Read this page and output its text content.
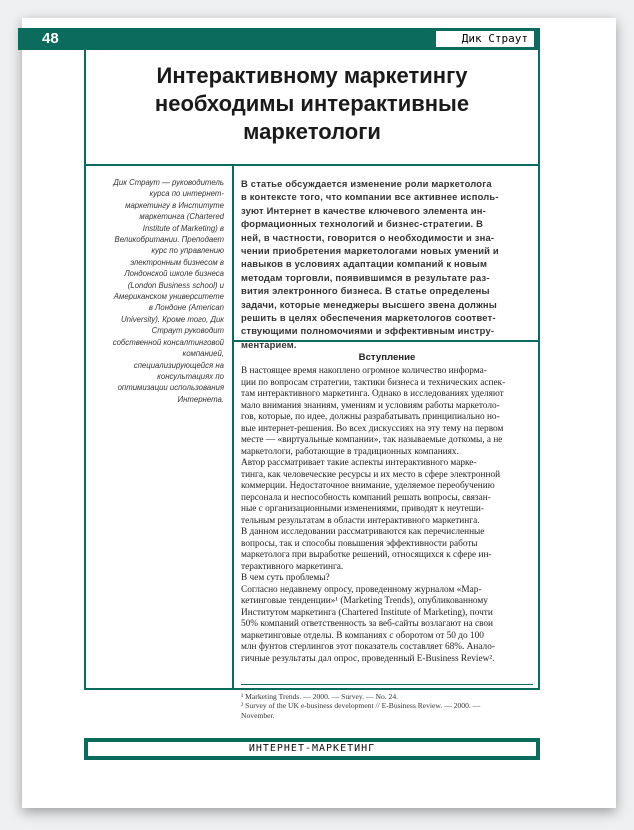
48	Дик Страут
Интерактивному маркетингу
необходимы интерактивные
маркетологи
Дик Страут — руководитель
курса по интернет-
маркетингу в Институте
маркетинга (Chartered
Institute of Marketing) в
Великобритании. Преподает
курс по управлению
электронным бизнесом в
Лондонской школе бизнеса
(London Business school) и
Американском университете
в Лондоне (American
University). Кроме того, Дик
Страут руководит
собственной консалтинговой
компанией,
специализирующейся на
консультациях по
оптимизации использования
Интернета.
В статье обсуждается изменение роли маркетолога
в контексте того, что компании все активнее исполь-
зуют Интернет в качестве ключевого элемента ин-
формационных технологий и бизнес-стратегии. В
ней, в частности, говорится о необходимости и зна-
чении приобретения маркетологами новых умений и
навыков в условиях адаптации компаний к новым
методам торговли, появившимся в результате раз-
вития электронного бизнеса. В статье определены
задачи, которые менеджеры высшего звена должны
решить в целях обеспечения маркетологов соответ-
ствующими полномочиями и эффективным инстру-
ментарием.
Вступление
В настоящее время накоплено огромное количество информа-
ции по вопросам стратегии, тактики бизнеса и технических аспек-
там интерактивного маркетинга. Однако в исследованиях уделяют
мало внимания знаниям, умениям и условиям работы маркетоло-
гов, которые, по идее, должны разрабатывать принципиально но-
вые интернет-решения. Во всех дискуссиях на эту тему на первом
месте — «виртуальные компании», так называемые доткомы, а не
маркетологи, работающие в традиционных компаниях.
Автор рассматривает такие аспекты интерактивного марке-
тинга, как человеческие ресурсы и их место в сфере электронной
коммерции. Недостаточное внимание, уделяемое переобучению
персонала и неспособность компаний решать вопросы, связан-
ные с организационными изменениями, приводят к неутеши-
тельным результатам в области интерактивного маркетинга.
В данном исследовании рассматриваются как перечисленные
вопросы, так и способы повышения эффективности работы
маркетолога при выработке решений, относящихся к сфере ин-
терактивного маркетинга.
В чем суть проблемы?
Согласно недавнему опросу, проведенному журналом «Мар-
кетинговые тенденции»¹ (Marketing Trends), опубликованному
Институтом маркетинга (Chartered Institute of Marketing), почти
50% компаний ответственность за веб-сайты возлагают на свои
маркетинговые отделы. В компаниях с оборотом от 50 до 100
млн фунтов стерлингов этот показатель составляет 68%. Анало-
гичные результаты дал опрос, проведенный E-Business Review².
¹ Marketing Trends. — 2000. — Survey. — No. 24.
² Survey of the UK e-business development // E-Business Review. — 2000. —
November.
ИНТЕРНЕТ-МАРКЕТИНГ
